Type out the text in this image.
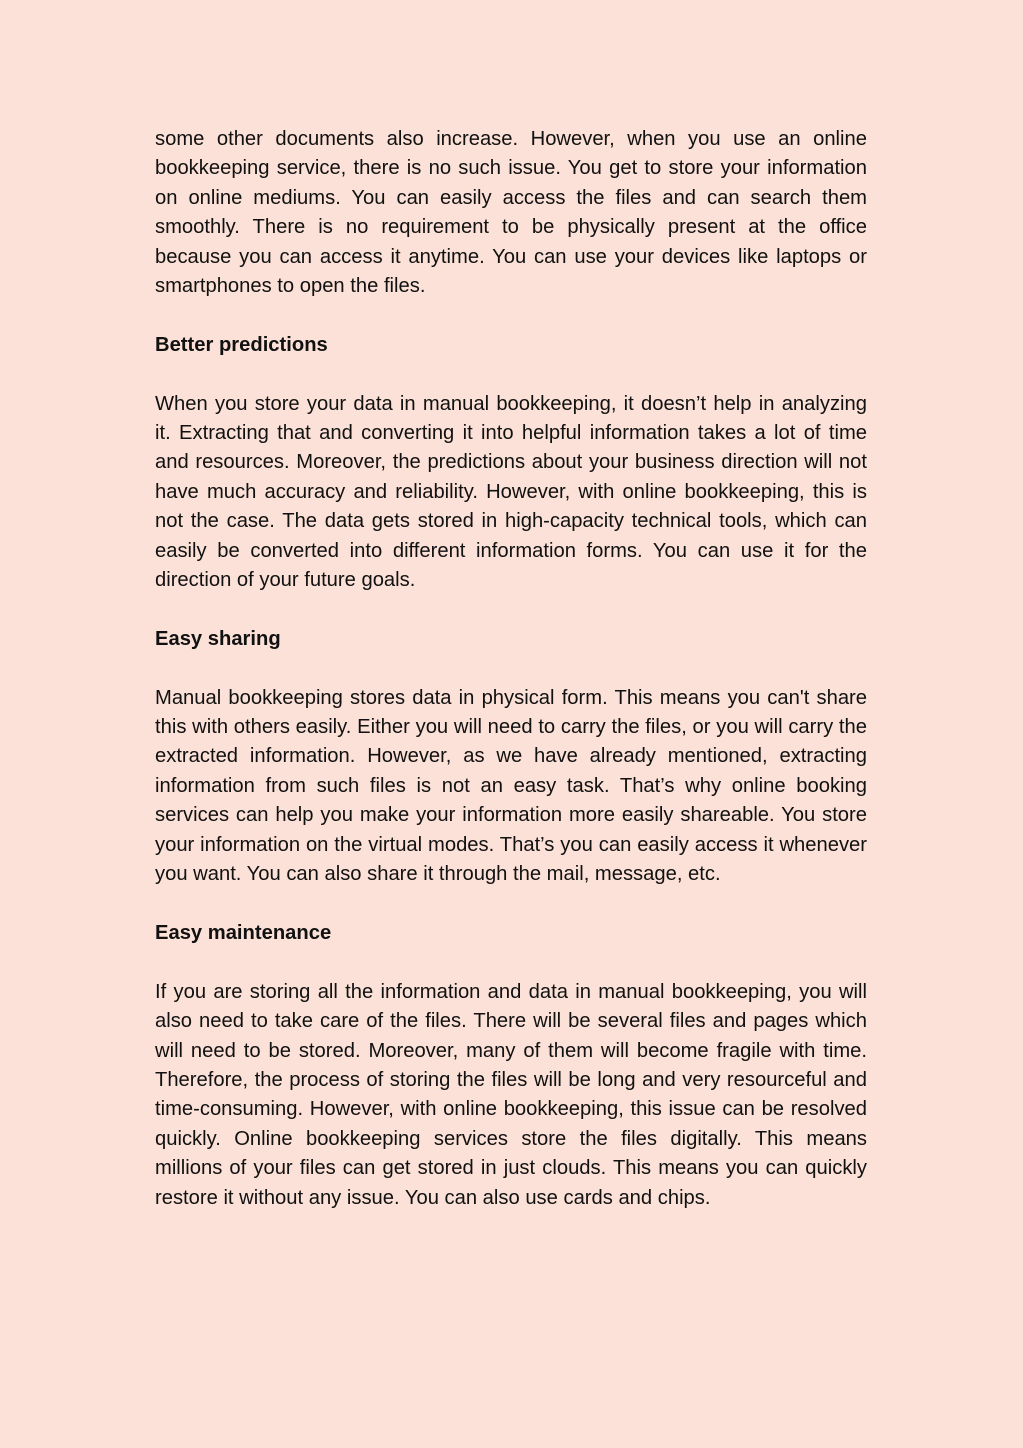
some other documents also increase. However, when you use an online bookkeeping service, there is no such issue. You get to store your information on online mediums. You can easily access the files and can search them smoothly. There is no requirement to be physically present at the office because you can access it anytime. You can use your devices like laptops or smartphones to open the files.

Better predictions

When you store your data in manual bookkeeping, it doesn’t help in analyzing it. Extracting that and converting it into helpful information takes a lot of time and resources. Moreover, the predictions about your business direction will not have much accuracy and reliability. However, with online bookkeeping, this is not the case. The data gets stored in high-capacity technical tools, which can easily be converted into different information forms. You can use it for the direction of your future goals.

Easy sharing

Manual bookkeeping stores data in physical form. This means you can't share this with others easily. Either you will need to carry the files, or you will carry the extracted information. However, as we have already mentioned, extracting information from such files is not an easy task. That’s why online booking services can help you make your information more easily shareable. You store your information on the virtual modes. That’s you can easily access it whenever you want. You can also share it through the mail, message, etc.

Easy maintenance

If you are storing all the information and data in manual bookkeeping, you will also need to take care of the files. There will be several files and pages which will need to be stored. Moreover, many of them will become fragile with time. Therefore, the process of storing the files will be long and very resourceful and time-consuming. However, with online bookkeeping, this issue can be resolved quickly. Online bookkeeping services store the files digitally. This means millions of your files can get stored in just clouds. This means you can quickly restore it without any issue. You can also use cards and chips.
